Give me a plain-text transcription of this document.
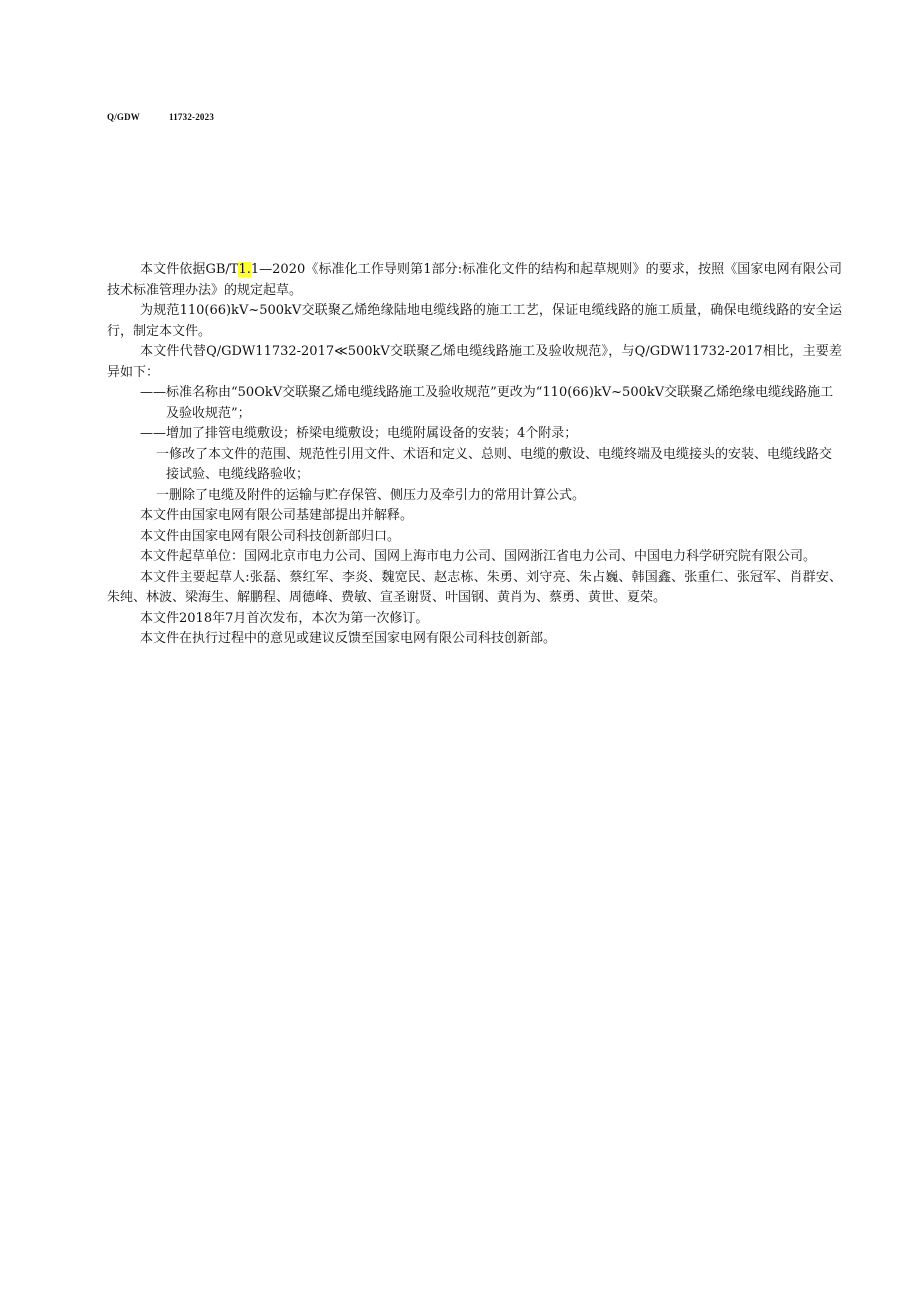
Q/GDW	11732-2023

本文件依据GB/T1.1—2020《标准化工作导则第1部分:标准化文件的结构和起草规则》的要求，按照《国家电网有限公司技术标准管理办法》的规定起草。

为规范110(66)kV~500kV交联聚乙烯绝缘陆地电缆线路的施工工艺，保证电缆线路的施工质量，确保电缆线路的安全运行，制定本文件。

本文件代替Q/GDW11732-2017≪500kV交联聚乙烯电缆线路施工及验收规范》，与Q/GDW11732-2017相比，主要差异如下：

——标准名称由“50OkV交联聚乙烯电缆线路施工及验收规范”更改为“110(66)kV~500kV交联聚乙烯绝缘电缆线路施工及验收规范”；

——增加了排管电缆敷设；桥梁电缆敷设；电缆附属设备的安装；4个附录；

一修改了本文件的范围、规范性引用文件、术语和定义、总则、电缆的敷设、电缆终端及电缆接头的安装、电缆线路交接试验、电缆线路验收；

一删除了电缆及附件的运输与贮存保管、侧压力及牵引力的常用计算公式。

本文件由国家电网有限公司基建部提出并解释。

本文件由国家电网有限公司科技创新部归口。

本文件起草单位：国网北京市电力公司、国网上海市电力公司、国网浙江省电力公司、中国电力科学研究院有限公司。

本文件主要起草人:张磊、蔡红军、李炎、魏宽民、赵志栋、朱勇、刘守亮、朱占巍、韩国鑫、张重仁、张冠军、肖群安、朱纯、林波、梁海生、解鹏程、周德峰、费敏、宣圣谢贤、叶国钢、黄肖为、蔡勇、黄世、夏荣。

本文件2018年7月首次发布，本次为第一次修订。

本文件在执行过程中的意见或建议反馈至国家电网有限公司科技创新部。
